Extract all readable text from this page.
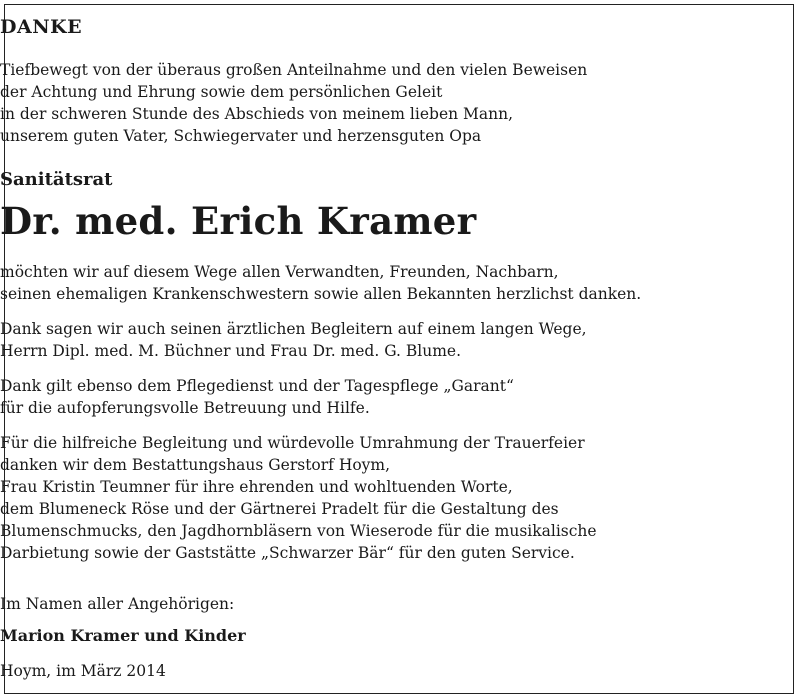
DANKE
Tiefbewegt von der überaus großen Anteilnahme und den vielen Beweisen
der Achtung und Ehrung sowie dem persönlichen Geleit
in der schweren Stunde des Abschieds von meinem lieben Mann,
unserem guten Vater, Schwiegervater und herzensguten Opa
Sanitätsrat
Dr. med. Erich Kramer
möchten wir auf diesem Wege allen Verwandten, Freunden, Nachbarn,
seinen ehemaligen Krankenschwestern sowie allen Bekannten herzlichst danken.
Dank sagen wir auch seinen ärztlichen Begleitern auf einem langen Wege,
Herrn Dipl. med. M. Büchner und Frau Dr. med. G. Blume.
Dank gilt ebenso dem Pflegedienst und der Tagespflege „Garant“
für die aufopferungsvolle Betreuung und Hilfe.
Für die hilfreiche Begleitung und würdevolle Umrahmung der Trauerfeier
danken wir dem Bestattungshaus Gerstorf Hoym,
Frau Kristin Teumner für ihre ehrenden und wohltuenden Worte,
dem Blumeneck Röse und der Gärtnerei Pradelt für die Gestaltung des
Blumenschmucks, den Jagdhornbläsern von Wieserode für die musikalische
Darbietung sowie der Gaststätte „Schwarzer Bär“ für den guten Service.
Im Namen aller Angehörigen:
Marion Kramer und Kinder
Hoym, im März 2014
